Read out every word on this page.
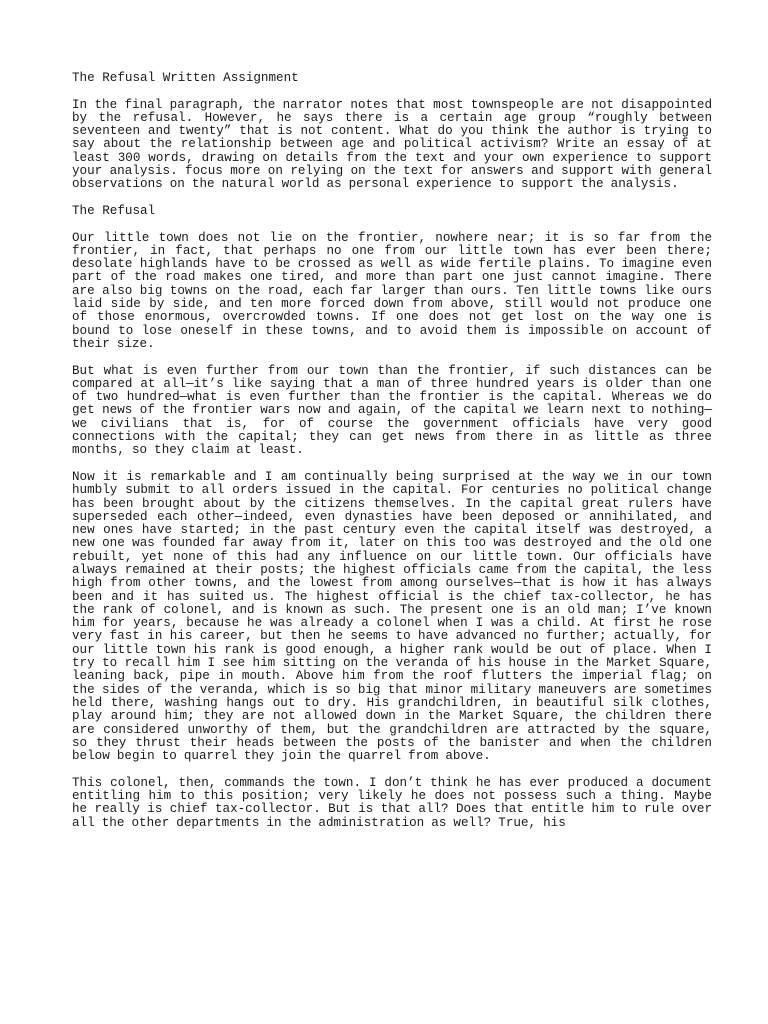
The Refusal Written Assignment
In the final paragraph, the narrator notes that most townspeople are not disappointed by the refusal. However, he says there is a certain age group “roughly between seventeen and twenty” that is not content. What do you think the author is trying to say about the relationship between age and political activism? Write an essay of at least 300 words, drawing on details from the text and your own experience to support your analysis. focus more on relying on the text for answers and support with general observations on the natural world as personal experience to support the analysis.
The Refusal
Our little town does not lie on the frontier, nowhere near; it is so far from the frontier, in fact, that perhaps no one from our little town has ever been there; desolate highlands have to be crossed as well as wide fertile plains. To imagine even part of the road makes one tired, and more than part one just cannot imagine. There are also big towns on the road, each far larger than ours. Ten little towns like ours laid side by side, and ten more forced down from above, still would not produce one of those enormous, overcrowded towns. If one does not get lost on the way one is bound to lose oneself in these towns, and to avoid them is impossible on account of their size.
But what is even further from our town than the frontier, if such distances can be compared at all—it’s like saying that a man of three hundred years is older than one of two hundred—what is even further than the frontier is the capital. Whereas we do get news of the frontier wars now and again, of the capital we learn next to nothing—we civilians that is, for of course the government officials have very good connections with the capital; they can get news from there in as little as three months, so they claim at least.
Now it is remarkable and I am continually being surprised at the way we in our town humbly submit to all orders issued in the capital. For centuries no political change has been brought about by the citizens themselves. In the capital great rulers have superseded each other—indeed, even dynasties have been deposed or annihilated, and new ones have started; in the past century even the capital itself was destroyed, a new one was founded far away from it, later on this too was destroyed and the old one rebuilt, yet none of this had any influence on our little town. Our officials have always remained at their posts; the highest officials came from the capital, the less high from other towns, and the lowest from among ourselves—that is how it has always been and it has suited us. The highest official is the chief tax-collector, he has the rank of colonel, and is known as such. The present one is an old man; I’ve known him for years, because he was already a colonel when I was a child. At first he rose very fast in his career, but then he seems to have advanced no further; actually, for our little town his rank is good enough, a higher rank would be out of place. When I try to recall him I see him sitting on the veranda of his house in the Market Square, leaning back, pipe in mouth. Above him from the roof flutters the imperial flag; on the sides of the veranda, which is so big that minor military maneuvers are sometimes held there, washing hangs out to dry. His grandchildren, in beautiful silk clothes, play around him; they are not allowed down in the Market Square, the children there are considered unworthy of them, but the grandchildren are attracted by the square, so they thrust their heads between the posts of the banister and when the children below begin to quarrel they join the quarrel from above.
This colonel, then, commands the town. I don’t think he has ever produced a document entitling him to this position; very likely he does not possess such a thing. Maybe he really is chief tax-collector. But is that all? Does that entitle him to rule over all the other departments in the administration as well? True, his
